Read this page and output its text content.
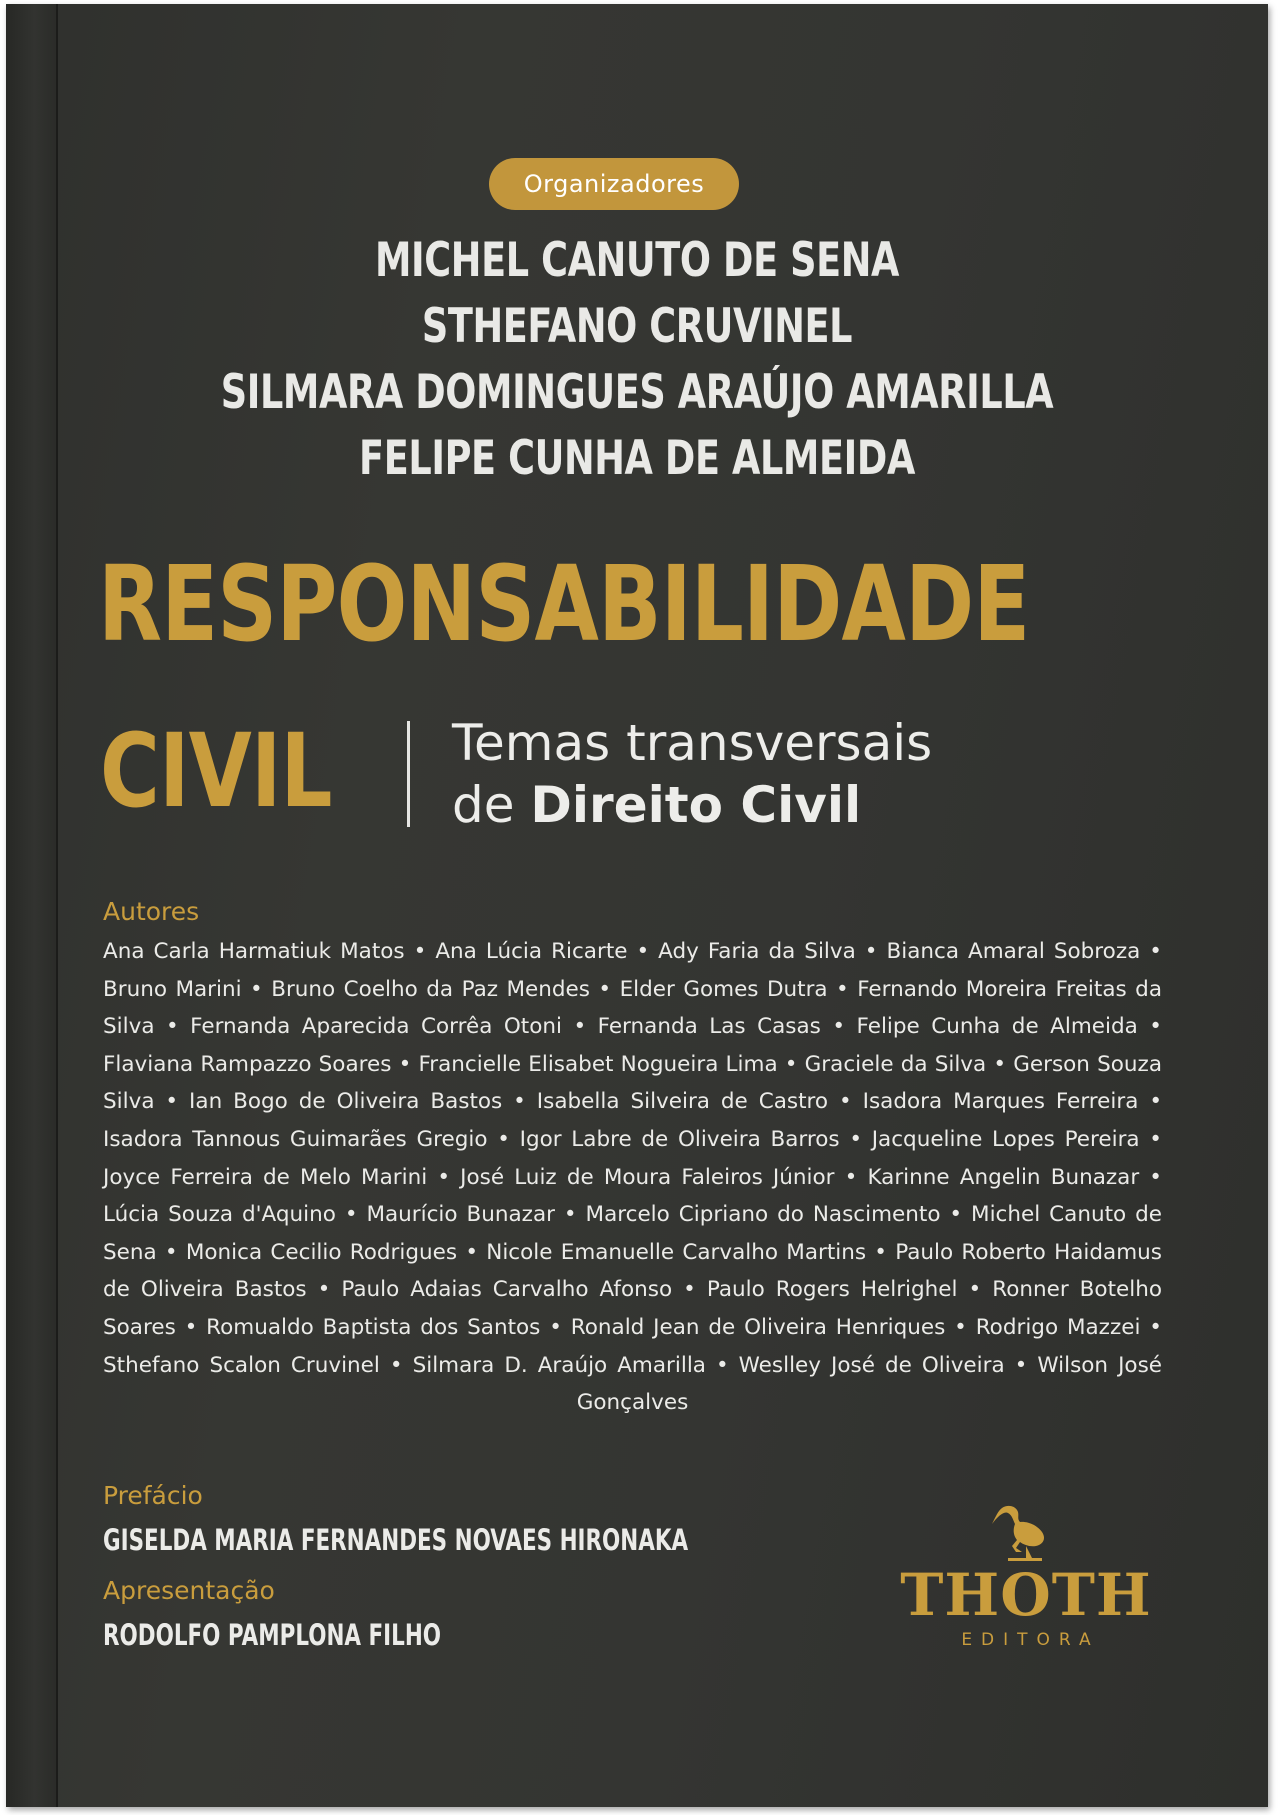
Organizadores
MICHEL CANUTO DE SENA
STHEFANO CRUVINEL
SILMARA DOMINGUES ARAÚJO AMARILLA
FELIPE CUNHA DE ALMEIDA
RESPONSABILIDADE
CIVIL Temas transversais
de Direito Civil
Autores
Ana Carla Harmatiuk Matos • Ana Lúcia Ricarte • Ady Faria da Silva • Bianca Amaral Sobroza • Bruno Marini • Bruno Coelho da Paz Mendes • Elder Gomes Dutra • Fernando Moreira Freitas da Silva • Fernanda Aparecida Corrêa Otoni • Fernanda Las Casas • Felipe Cunha de Almeida • Flaviana Rampazzo Soares • Francielle Elisabet Nogueira Lima • Graciele da Silva • Gerson Souza Silva • Ian Bogo de Oliveira Bastos • Isabella Silveira de Castro • Isadora Marques Ferreira • Isadora Tannous Guimarães Gregio • Igor Labre de Oliveira Barros • Jacqueline Lopes Pereira • Joyce Ferreira de Melo Marini • José Luiz de Moura Faleiros Júnior • Karinne Angelin Bunazar • Lúcia Souza d'Aquino • Maurício Bunazar • Marcelo Cipriano do Nascimento • Michel Canuto de Sena • Monica Cecilio Rodrigues • Nicole Emanuelle Carvalho Martins • Paulo Roberto Haidamus de Oliveira Bastos • Paulo Adaias Carvalho Afonso • Paulo Rogers Helrighel • Ronner Botelho Soares • Romualdo Baptista dos Santos • Ronald Jean de Oliveira Henriques • Rodrigo Mazzei • Sthefano Scalon Cruvinel • Silmara D. Araújo Amarilla • Weslley José de Oliveira • Wilson José Gonçalves
Prefácio
GISELDA MARIA FERNANDES NOVAES HIRONAKA
Apresentação
RODOLFO PAMPLONA FILHO
THOTH
EDITORA
